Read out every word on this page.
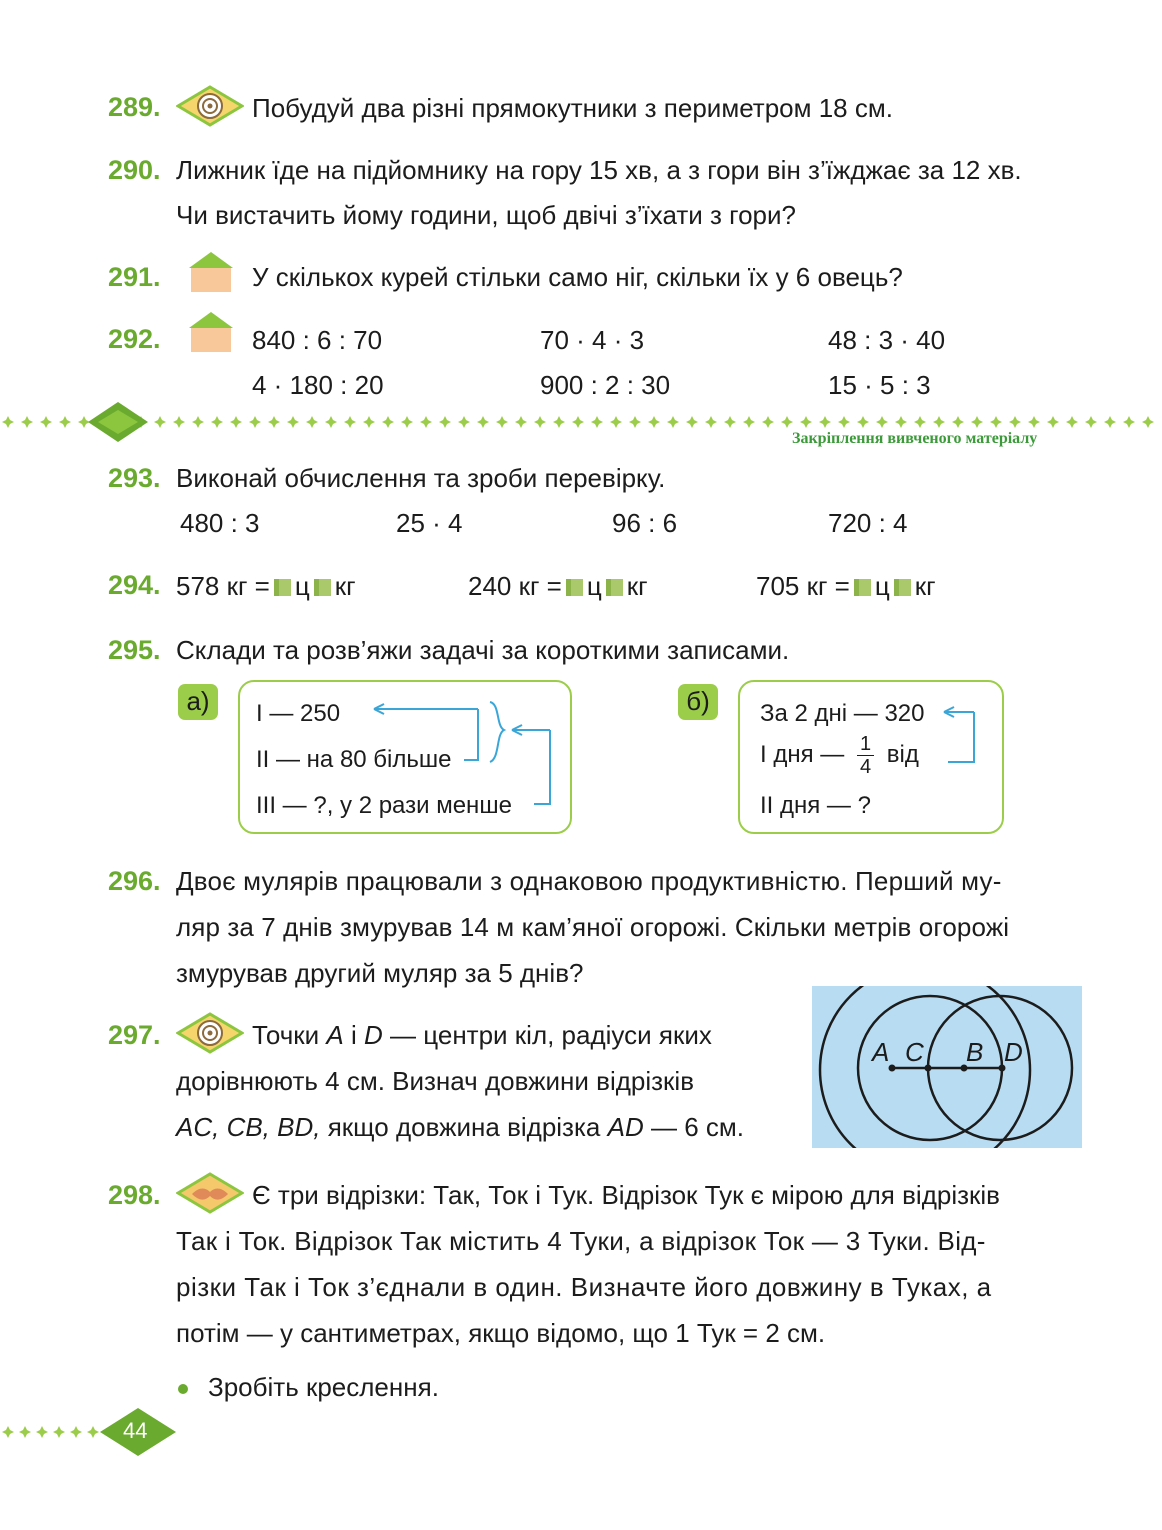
44
289.	Побудуй два різні прямокутники з периметром 18 см.
290. Лижник їде на підйомнику на гору 15 хв, а з гори він з’їжджає за 12 хв.
Чи вистачить йому години, щоб двічі з’їхати з гори?
291.	У скількох курей стільки само ніг, скільки їх у 6 овець?
292.	840 : 6 : 70	70 · 4 · 3	48 : 3 · 40
4 · 180 : 20	900 : 2 : 30	15 · 5 : 3
Закріплення вивченого матеріалу
293. Виконай обчислення та зроби перевірку.
480 : 3	25 · 4	96 : 6	720 : 4
294. 578 кг = ц кг	240 кг = ц кг	705 кг = ц кг
295. Склади та розв’яжи задачі за короткими записами.
а)	І — 250
ІІ — на 80 більше
ІІІ — ?, у 2 рази менше
б)	За 2 дні — 320
І дня — $\frac{1}{4}$ від
ІІ дня — ?
296. Двоє мулярів працювали з однаковою продуктивністю. Перший му-
ляр за 7 днів змурував 14 м кам’яної огорожі. Скільки метрів огорожі
змурував другий муляр за 5 днів?
297.	Точки A і D — центри кіл, радіуси яких
дорівнюють 4 см. Визнач довжини відрізків
AC, CB, BD, якщо довжина відрізка AD — 6 см.
A C B D
298.	Є три відрізки: Так, Ток і Тук. Відрізок Тук є мірою для відрізків
Так і Ток. Відрізок Так містить 4 Туки, а відрізок Ток — 3 Туки. Від-
різки Так і Ток з’єднали в один. Визначте його довжину в Туках, а
потім — у сантиметрах, якщо відомо, що 1 Тук = 2 см.
Зробіть креслення.
